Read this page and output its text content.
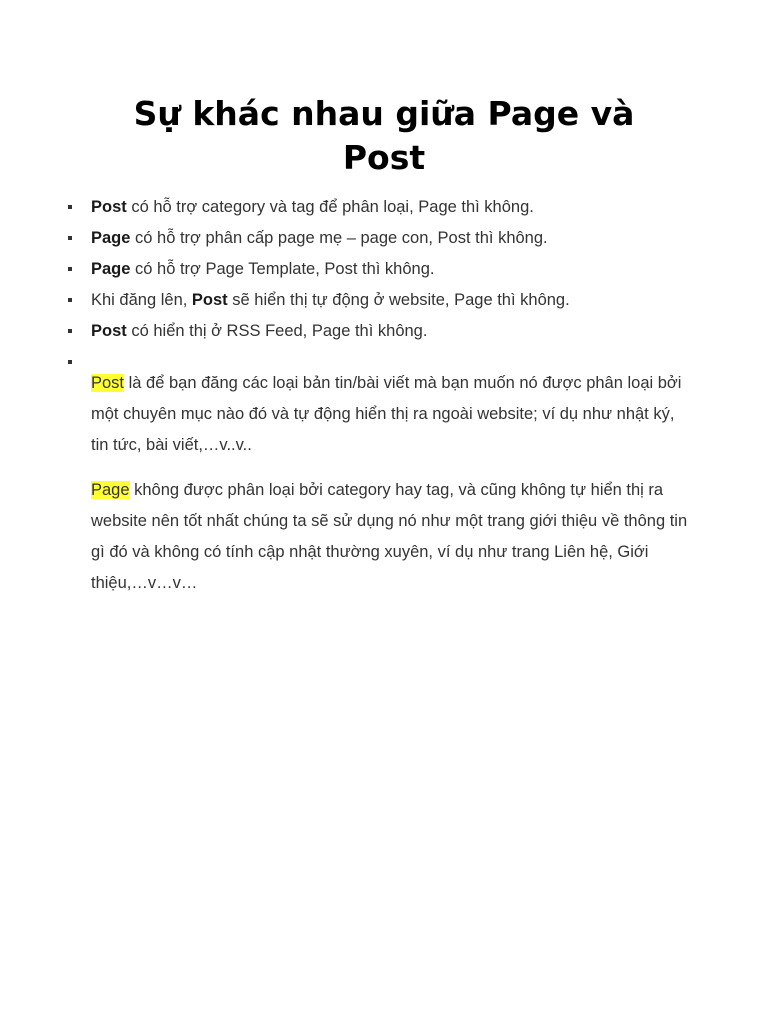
Sự khác nhau giữa Page và Post
Post có hỗ trợ category và tag để phân loại, Page thì không.
Page có hỗ trợ phân cấp page mẹ – page con, Post thì không.
Page có hỗ trợ Page Template, Post thì không.
Khi đăng lên, Post sẽ hiển thị tự động ở website, Page thì không.
Post có hiển thị ở RSS Feed, Page thì không.

Post là để bạn đăng các loại bản tin/bài viết mà bạn muốn nó được phân loại bởi một chuyên mục nào đó và tự động hiển thị ra ngoài website; ví dụ như nhật ký, tin tức, bài viết,…v..v..

Page không được phân loại bởi category hay tag, và cũng không tự hiển thị ra website nên tốt nhất chúng ta sẽ sử dụng nó như một trang giới thiệu về thông tin gì đó và không có tính cập nhật thường xuyên, ví dụ như trang Liên hệ, Giới thiệu,…v…v…
